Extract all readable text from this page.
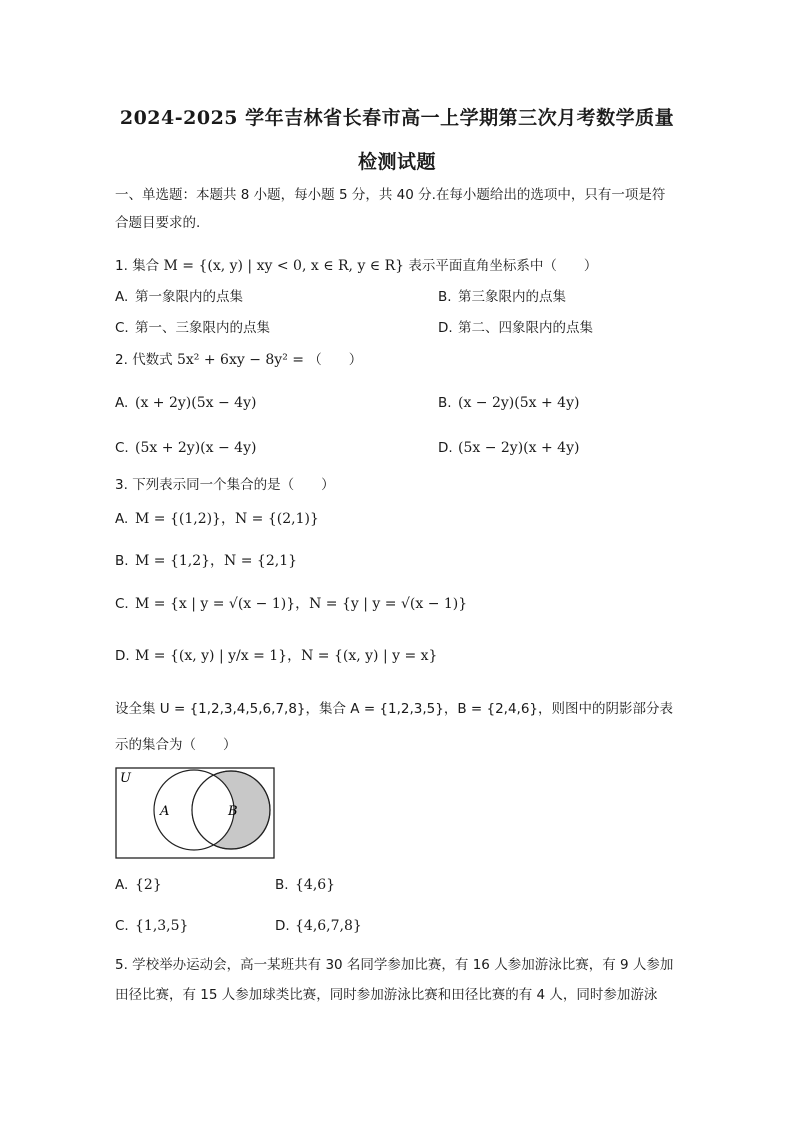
2024-2025 学年吉林省长春市高一上学期第三次月考数学质量
检测试题
一、单选题：本题共 8 小题，每小题 5 分，共 40 分.在每小题给出的选项中，只有一项是符
合题目要求的.
1. 集合 M = {(x, y) | xy < 0, x ∈ R, y ∈ R} 表示平面直角坐标系中（　　）
A. 第一象限内的点集	B. 第三象限内的点集
C. 第一、三象限内的点集	D. 第二、四象限内的点集
2. 代数式 5x² + 6xy − 8y² = （　　）
A. (x + 2y)(5x − 4y)	B. (x − 2y)(5x + 4y)
C. (5x + 2y)(x − 4y)	D. (5x − 2y)(x + 4y)
3. 下列表示同一个集合的是（　　）
A. M = {(1,2)}，N = {(2,1)}
B. M = {1,2}，N = {2,1}
C. M = {x | y = √(x − 1)}，N = {y | y = √(x − 1)}
D. M = {(x, y) | y/x = 1}，N = {(x, y) | y = x}
设全集 U = {1,2,3,4,5,6,7,8}，集合 A = {1,2,3,5}，B = {2,4,6}，则图中的阴影部分表
示的集合为（　　）
U
A	B
A. {2}	B. {4,6}
C. {1,3,5}	D. {4,6,7,8}
5. 学校举办运动会，高一某班共有 30 名同学参加比赛，有 16 人参加游泳比赛，有 9 人参加
田径比赛，有 15 人参加球类比赛，同时参加游泳比赛和田径比赛的有 4 人，同时参加游泳
